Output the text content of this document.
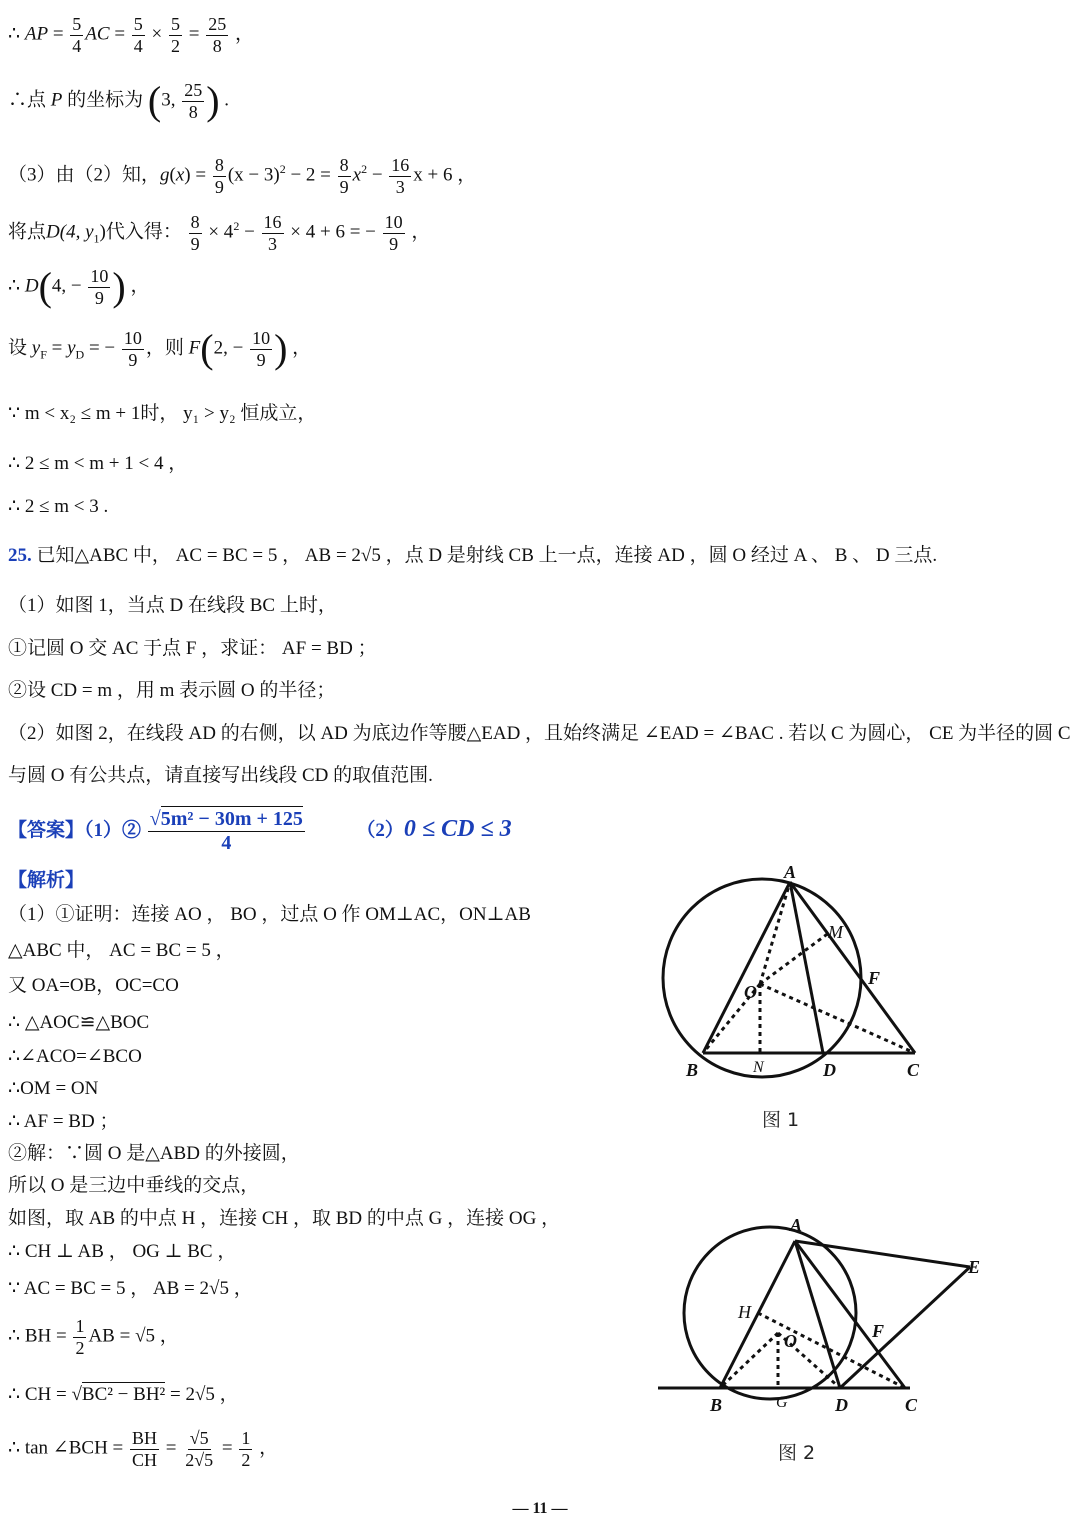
∴ AP = $\frac{5}{4}$ AC = $\frac{5}{4} \times \frac{5}{2} = \frac{25}{8}$ ，
∴点 P 的坐标为 (3, $\frac{25}{8}$ ) .
（3）由（2）知，$g(x) = \frac{8}{9} (x - 3)^2 - 2 = \frac{8}{9} x^2 - \frac{16}{3}$ x + 6 ，
将点D(4, $y_1$)代入得： $\frac{8}{9} \times 4^2 - \frac{16}{3} \times 4 + 6$ = − $\frac{10}{9}$ ，
∴ D(4, − $\frac{10}{9}$ ) ，
设 $y_F = y_D$ = − $\frac{10}{9}$ ，则 F(2, − $\frac{10}{9}$ ) ，
∵ m < x₂ ≤ m + 1时， y₁ > y₂ 恒成立，
∴ 2 ≤ m < m + 1 < 4 ，
∴ 2 ≤ m < 3 .
25. 已知△ABC 中， AC = BC = 5 ， AB = 2√5 ，点 D 是射线 CB 上一点，连接 AD ，圆 O 经过 A 、 B 、 D 三点.
（1）如图 1，当点 D 在线段 BC 上时，
①记圆 O 交 AC 于点 F ，求证： AF = BD ；
②设 CD = m ，用 m 表示圆 O 的半径；
（2）如图 2，在线段 AD 的右侧，以 AD 为底边作等腰△EAD ，且始终满足 ∠EAD = ∠BAC . 若以 C 为圆心， CE 为半径的圆 C
与圆 O 有公共点，请直接写出线段 CD 的取值范围.
【答案】（1）② $\frac{\text{√5m² − 30m + 125}}{4}$	（2）0 ≤ CD ≤ 3
【解析】
（1）①证明：连接 AO ， BO ，过点 O 作 OM⊥AC，ON⊥AB
△ABC 中， AC = BC = 5 ，
又 OA=OB，OC=CO
∴ △AOC≌△BOC
∴∠ACO=∠BCO
∴OM = ON
∴ AF = BD ；
②解：∵圆 O 是△ABD 的外接圆，
所以 O 是三边中垂线的交点，
如图，取 AB 的中点 H ，连接 CH ，取 BD 的中点 G ，连接 OG ，
∴ CH ⊥ AB ， OG ⊥ BC ，
∵ AC = BC = 5 ， AB = 2√5 ，
∴ BH = $\frac{1}{2}$ AB = √5 ，
∴ CH = √BC² − BH² = 2√5 ，
∴ tan ∠BCH = $\frac{BH}{CH} = \frac{√5}{2√5} = \frac{1}{2}$ ，
A
B	C
D
F
M
N
O
图 1
A
B	C
D
E
F
H
G
O
图 2
— 11 —
